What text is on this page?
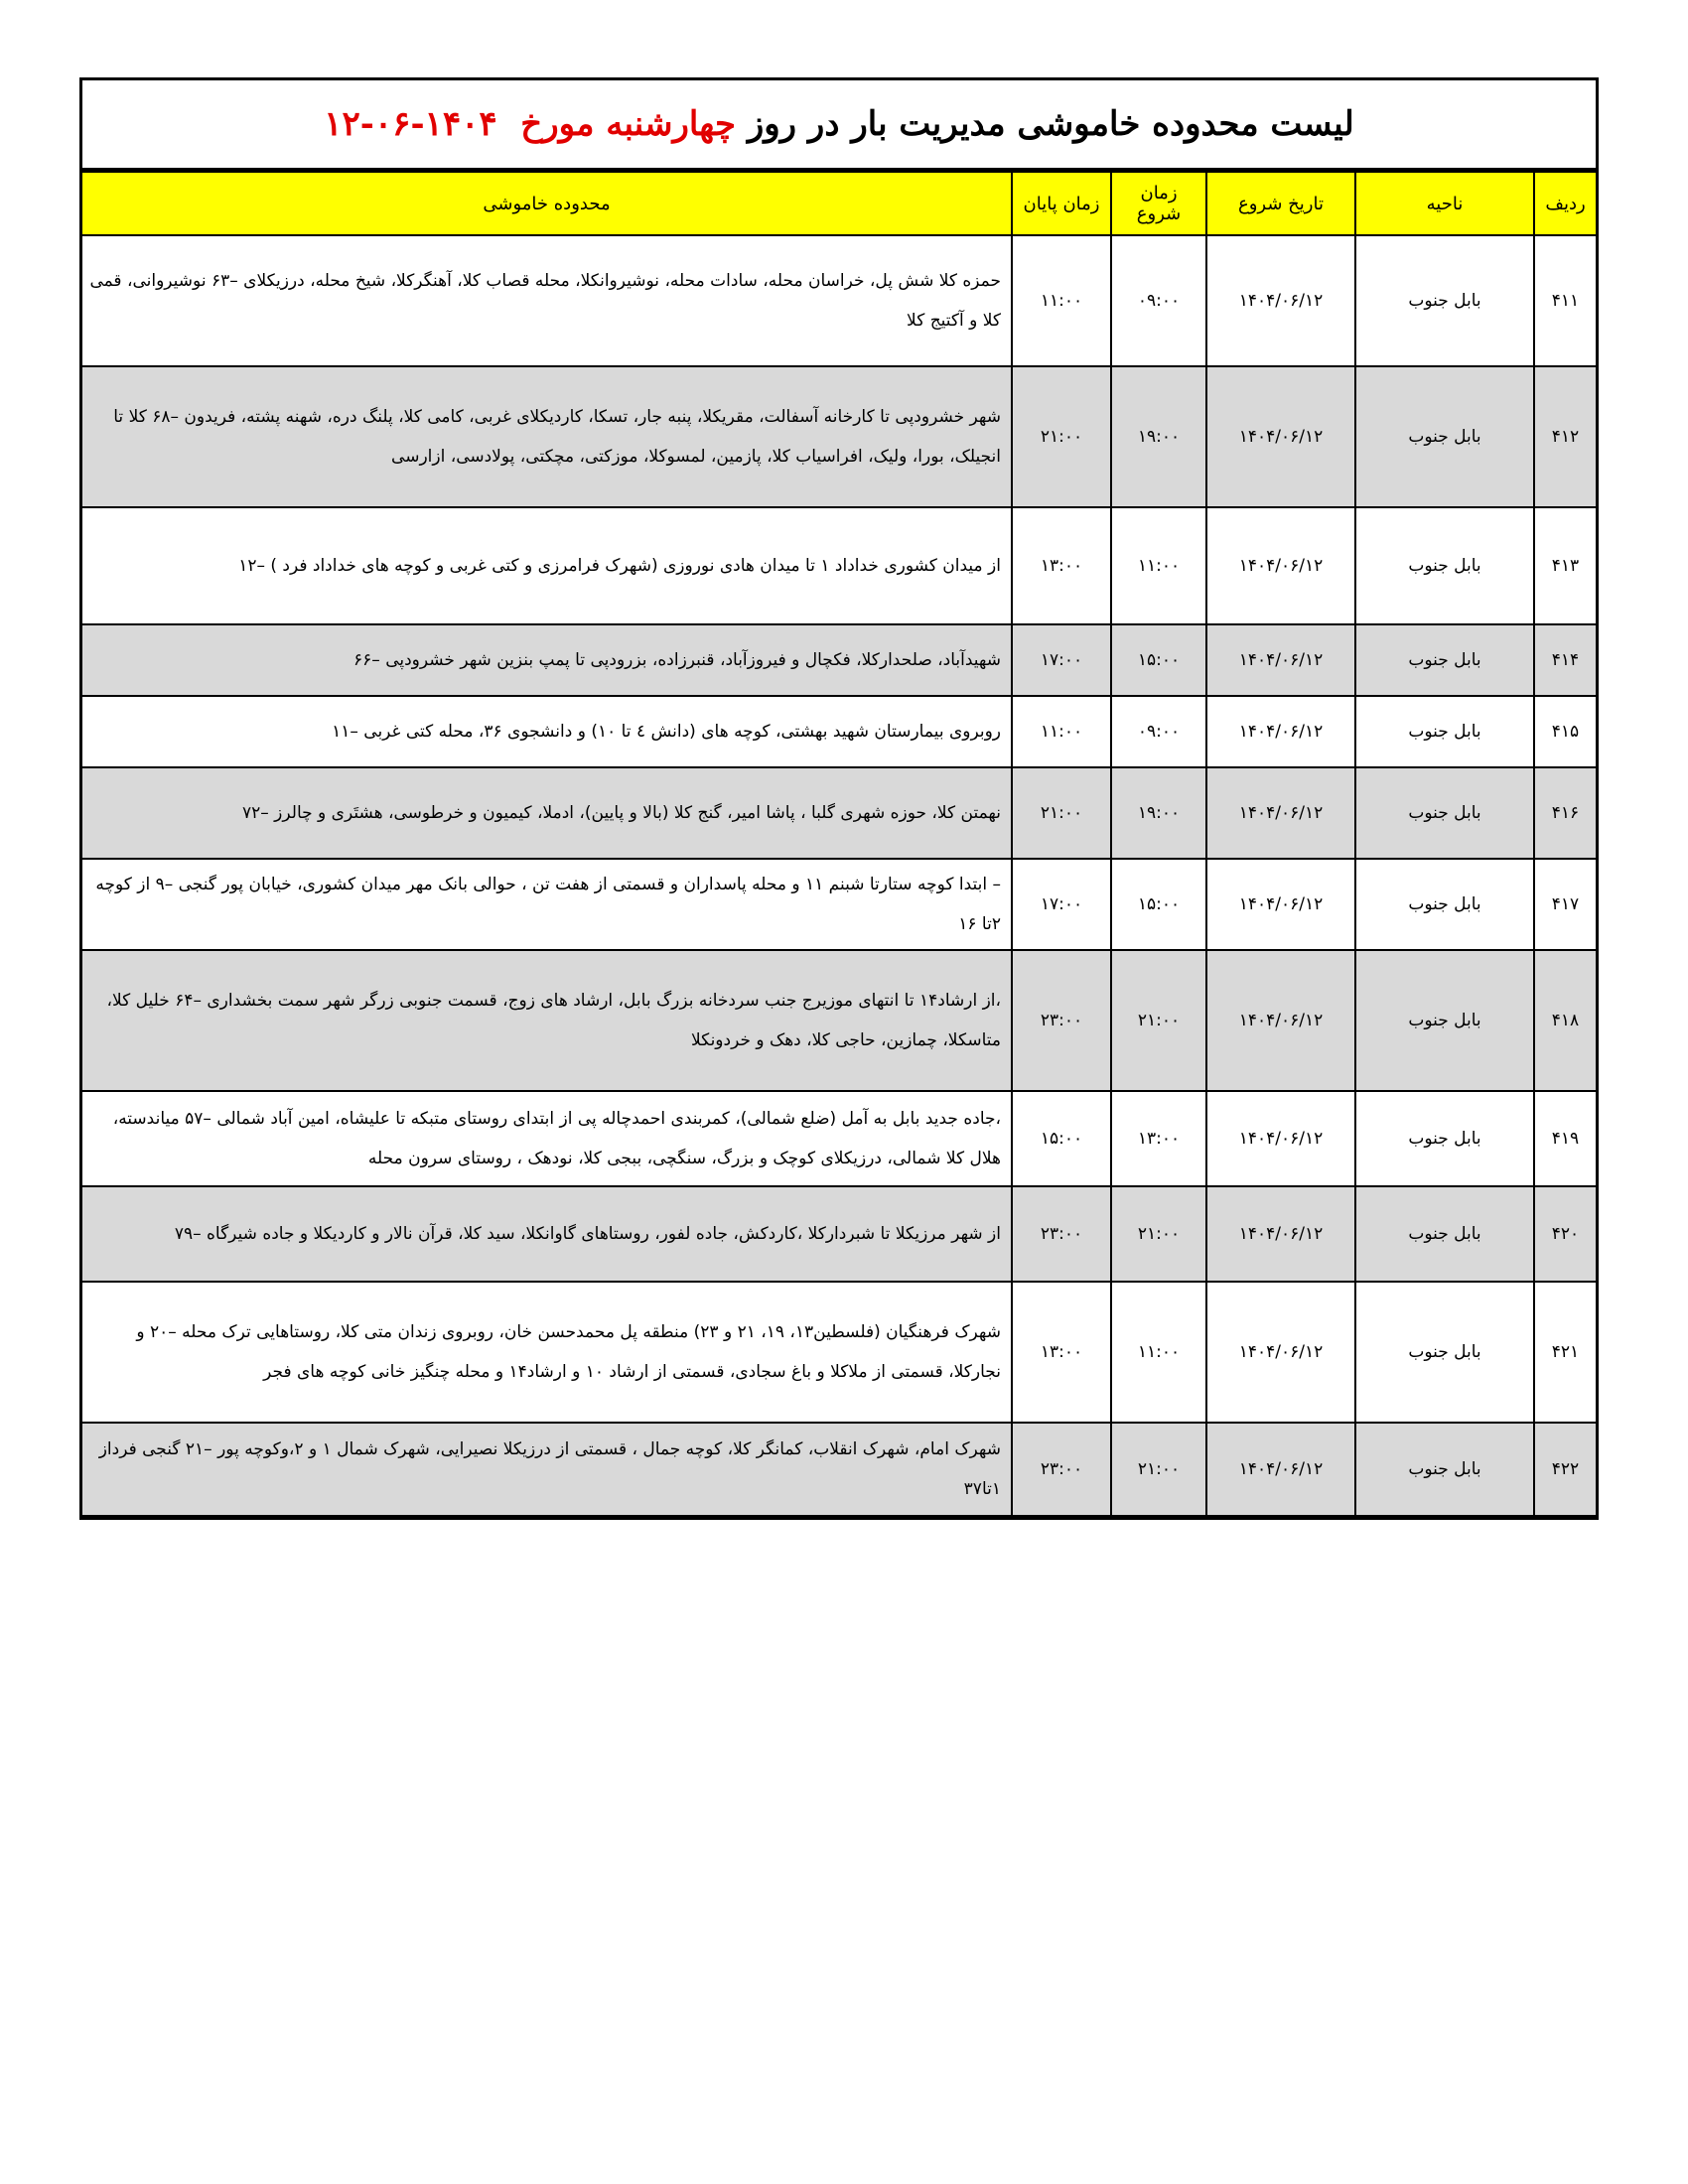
لیست محدوده خاموشی مدیریت بار در روز

چهارشنبه مورخ

۱۲-۰۶-۱۴۰۴
ردیف	ناحیه	تاریخ شروع	زمان شروع	زمان پایان	محدوده خاموشی
۴۱۱	بابل جنوب	۱۴۰۴/۰۶/۱۲	۰۹:۰۰	۱۱:۰۰	حمزه کلا شش پل، خراسان محله، سادات محله، نوشیروانکلا، محله قصاب کلا، آهنگرکلا، شیخ محله، درزیکلای –۶۳ نوشیروانی، قمی کلا و آکتیج کلا
۴۱۲	بابل جنوب	۱۴۰۴/۰۶/۱۲	۱۹:۰۰	۲۱:۰۰	شهر خشرودپی تا کارخانه آسفالت، مقریکلا، پنبه جار، تسکا، کاردیکلای غربی، کامی کلا، پلنگ دره، شهنه پشته، فریدون –۶۸ کلا تا انجیلک، بورا، ولیک، افراسیاب کلا، پازمین، لمسوکلا، موزکتی، مچکتی، پولادسی، ازارسی
۴۱۳	بابل جنوب	۱۴۰۴/۰۶/۱۲	۱۱:۰۰	۱۳:۰۰	از میدان کشوری خداداد ۱ تا میدان هادی نوروزی (شهرک فرامرزی و کتی غربی و کوچه های خداداد فرد ) –۱۲
۴۱۴	بابل جنوب	۱۴۰۴/۰۶/۱۲	۱۵:۰۰	۱۷:۰۰	شهیدآباد، صلحدارکلا، فکچال و فیروزآباد، قنبرزاده، بزرودپی تا پمپ بنزین شهر خشرودپی –۶۶
۴۱۵	بابل جنوب	۱۴۰۴/۰۶/۱۲	۰۹:۰۰	۱۱:۰۰	روبروی بیمارستان شهید بهشتی، کوچه های (دانش ٤ تا ۱۰) و دانشجوی ۳۶، محله کتی غربی –۱۱
۴۱۶	بابل جنوب	۱۴۰۴/۰۶/۱۲	۱۹:۰۰	۲۱:۰۰	نهمتن کلا، حوزه شهری گلبا ، پاشا امیر، گنج کلا (بالا و پایین)، ادملا، کیمیون و خرطوسی، هشتَری و چالرز –۷۲
۴۱۷	بابل جنوب	۱۴۰۴/۰۶/۱۲	۱۵:۰۰	۱۷:۰۰	– ابتدا کوچه ستارتا شبنم ۱۱ و محله پاسداران و قسمتی از هفت تن ، حوالی بانک مهر میدان کشوری، خیابان پور گنجی –۹ از کوچه ۲تا ۱۶
۴۱۸	بابل جنوب	۱۴۰۴/۰۶/۱۲	۲۱:۰۰	۲۳:۰۰	،از ارشاد۱۴ تا انتهای موزیرج جنب سردخانه بزرگ بابل، ارشاد های زوج، قسمت جنوبی زرگر شهر سمت بخشداری –۶۴ خلیل کلا، متاسکلا، چمازین، حاجی کلا، دهک و خردونکلا
۴۱۹	بابل جنوب	۱۴۰۴/۰۶/۱۲	۱۳:۰۰	۱۵:۰۰	،جاده جدید بابل به آمل (ضلع شمالی)، کمربندی احمدچاله پی از ابتدای روستای متبکه تا علیشاه، امین آباد شمالی –۵۷ میاندسته، هلال کلا شمالی، درزیکلای کوچک و بزرگ، سنگچی، ببجی کلا، نودهک ، روستای سرون محله
۴۲۰	بابل جنوب	۱۴۰۴/۰۶/۱۲	۲۱:۰۰	۲۳:۰۰	از شهر مرزیکلا تا شبردارکلا ،کاردکش، جاده لفور، روستاهای گاوانکلا، سید کلا، قرآن نالار و کاردیکلا و جاده شیرگاه –۷۹
۴۲۱	بابل جنوب	۱۴۰۴/۰۶/۱۲	۱۱:۰۰	۱۳:۰۰	شهرک فرهنگیان (فلسطین۱۳، ۱۹، ۲۱ و ۲۳) منطقه پل محمدحسن خان، روبروی زندان متی کلا، روستاهایی ترک محله –۲۰ و نجارکلا، قسمتی از ملاکلا و باغ سجادی، قسمتی از ارشاد ۱۰ و ارشاد۱۴ و محله چنگیز خانی کوچه های فجر
۴۲۲	بابل جنوب	۱۴۰۴/۰۶/۱۲	۲۱:۰۰	۲۳:۰۰	شهرک امام، شهرک انقلاب، کمانگر کلا، کوچه جمال ، قسمتی از درزیکلا نصیرایی، شهرک شمال ۱ و ۲،وکوچه پور –۲۱ گنجی فرداز ۱تا۳۷
